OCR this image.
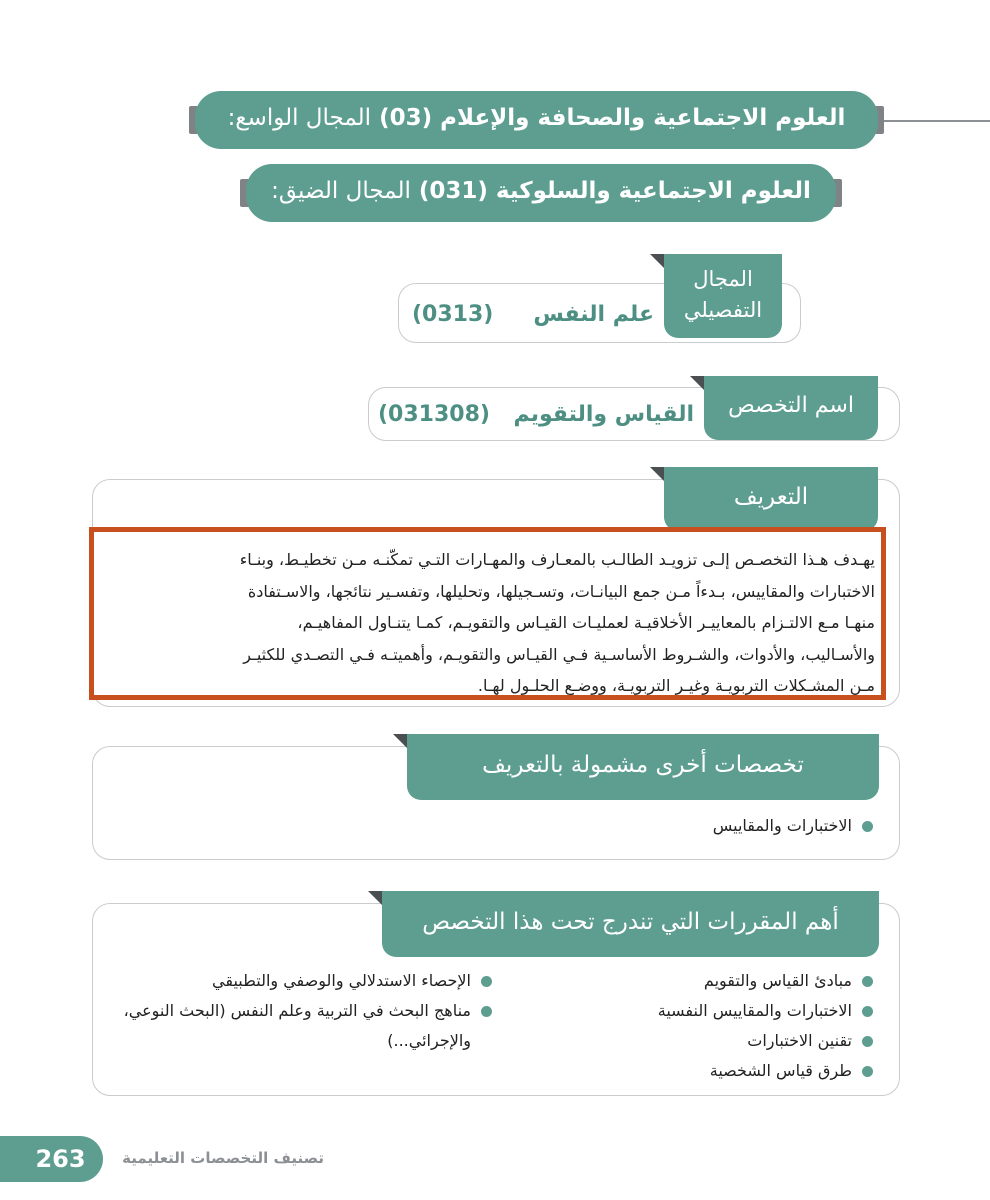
المجال الواسع: العلوم الاجتماعية والصحافة والإعلام (03)
المجال الضيق: العلوم الاجتماعية والسلوكية (031)
المجال
التفصيلي
علم النفس
(0313)
اسم التخصص
القياس والتقويم
(031308)
التعريف
يهـدف هـذا التخصـص إلـى تزويـد الطالـب بالمعـارف والمهـارات التـي تمكّنـه مـن تخطيـط، وبنـاء
الاختبارات والمقاييس، بـدءاً مـن جمع البيانـات، وتسـجيلها، وتحليلها، وتفسـير نتائجها، والاسـتفادة
منهـا مـع الالتـزام بالمعاييـر الأخلاقيـة لعمليـات القيـاس والتقويـم، كمـا يتنـاول المفاهيـم،
والأسـاليب، والأدوات، والشـروط الأساسـية فـي القيـاس والتقويـم، وأهميتـه فـي التصـدي للكثيـر
مـن المشـكلات التربويـة وغيـر التربويـة، ووضـع الحلـول لهـا.
تخصصات أخرى مشمولة بالتعريف
الاختبارات والمقاييس
أهم المقررات التي تندرج تحت هذا التخصص
مبادئ القياس والتقويم
الاختبارات والمقاييس النفسية
تقنين الاختبارات
طرق قياس الشخصية
الإحصاء الاستدلالي والوصفي والتطبيقي
مناهج البحث في التربية وعلم النفس (البحث النوعي، والإجرائي...)
263	تصنيف التخصصات التعليمية
